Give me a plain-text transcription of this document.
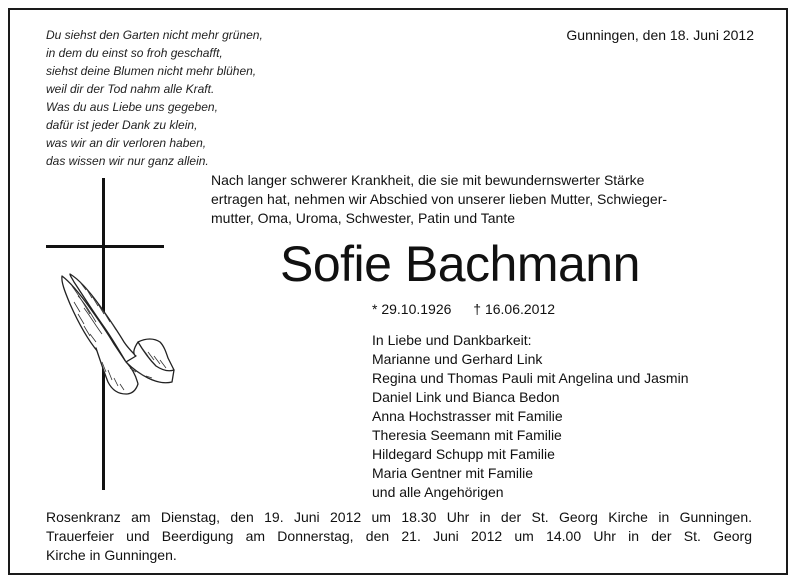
Du siehst den Garten nicht mehr grünen,
in dem du einst so froh geschafft,
siehst deine Blumen nicht mehr blühen,
weil dir der Tod nahm alle Kraft.
Was du aus Liebe uns gegeben,
dafür ist jeder Dank zu klein,
was wir an dir verloren haben,
das wissen wir nur ganz allein.
Gunningen, den 18. Juni 2012
Nach langer schwerer Krankheit, die sie mit bewundernswerter Stärke
ertragen hat, nehmen wir Abschied von unserer lieben Mutter, Schwieger-
mutter, Oma, Uroma, Schwester, Patin und Tante
Sofie Bachmann
* 29.10.1926 † 16.06.2012
In Liebe und Dankbarkeit:
Marianne und Gerhard Link
Regina und Thomas Pauli mit Angelina und Jasmin
Daniel Link und Bianca Bedon
Anna Hochstrasser mit Familie
Theresia Seemann mit Familie
Hildegard Schupp mit Familie
Maria Gentner mit Familie
und alle Angehörigen
Rosenkranz am Dienstag, den 19. Juni 2012 um 18.30 Uhr in der St. Georg Kirche in Gunningen.
Trauerfeier und Beerdigung am Donnerstag, den 21. Juni 2012 um 14.00 Uhr in der St. Georg
Kirche in Gunningen.
